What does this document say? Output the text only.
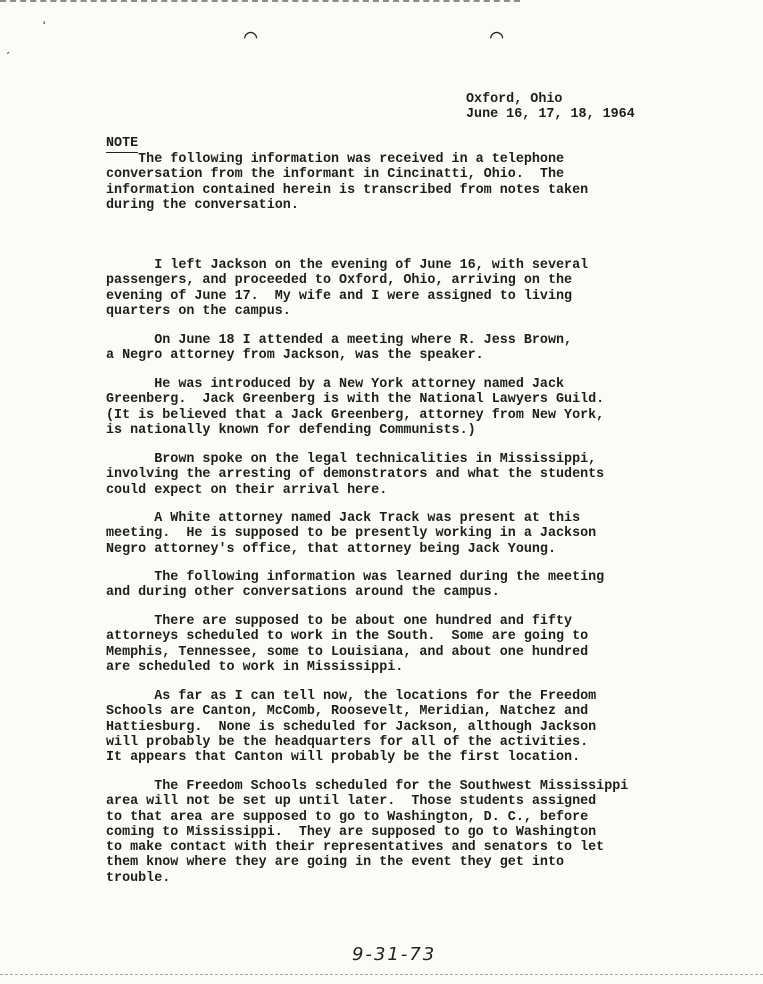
ʻ
ˏ	⌒	⌒
Oxford, Ohio
June 16, 17, 18, 1964
NOTE
The following information was received in a telephone
conversation from the informant in Cincinatti, Ohio.  The
information contained herein is transcribed from notes taken
during the conversation.
I left Jackson on the evening of June 16, with several
passengers, and proceeded to Oxford, Ohio, arriving on the
evening of June 17.  My wife and I were assigned to living
quarters on the campus.
On June 18 I attended a meeting where R. Jess Brown,
a Negro attorney from Jackson, was the speaker.
He was introduced by a New York attorney named Jack
Greenberg.  Jack Greenberg is with the National Lawyers Guild.
(It is believed that a Jack Greenberg, attorney from New York,
is nationally known for defending Communists.)
Brown spoke on the legal technicalities in Mississippi,
involving the arresting of demonstrators and what the students
could expect on their arrival here.
A White attorney named Jack Track was present at this
meeting.  He is supposed to be presently working in a Jackson
Negro attorney's office, that attorney being Jack Young.
The following information was learned during the meeting
and during other conversations around the campus.
There are supposed to be about one hundred and fifty
attorneys scheduled to work in the South.  Some are going to
Memphis, Tennessee, some to Louisiana, and about one hundred
are scheduled to work in Mississippi.
As far as I can tell now, the locations for the Freedom
Schools are Canton, McComb, Roosevelt, Meridian, Natchez and
Hattiesburg.  None is scheduled for Jackson, although Jackson
will probably be the headquarters for all of the activities.
It appears that Canton will probably be the first location.
The Freedom Schools scheduled for the Southwest Mississippi
area will not be set up until later.  Those students assigned
to that area are supposed to go to Washington, D. C., before
coming to Mississippi.  They are supposed to go to Washington
to make contact with their representatives and senators to let
them know where they are going in the event they get into
trouble.
9-31-73
